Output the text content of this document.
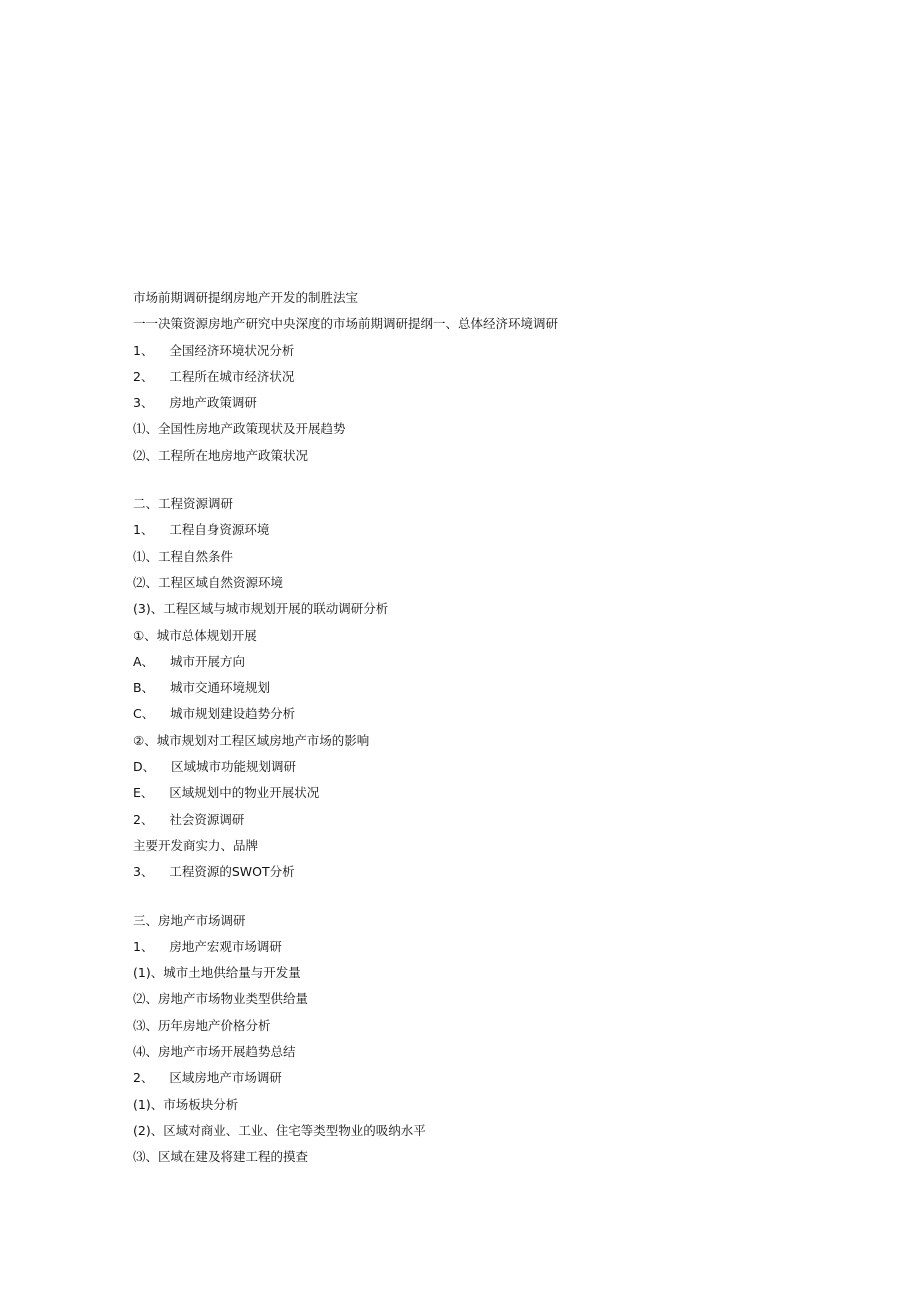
市场前期调研提纲房地产开发的制胜法宝
一一决策资源房地产研究中央深度的市场前期调研提纲一、总体经济环境调研
1、    全国经济环境状况分析
2、    工程所在城市经济状况
3、    房地产政策调研
⑴、全国性房地产政策现状及开展趋势
⑵、工程所在地房地产政策状况
二、工程资源调研
1、    工程自身资源环境
⑴、工程自然条件
⑵、工程区域自然资源环境
(3)、工程区域与城市规划开展的联动调研分析
①、城市总体规划开展
A、    城市开展方向
B、    城市交通环境规划
C、    城市规划建设趋势分析
②、城市规划对工程区域房地产市场的影响
D、    区域城市功能规划调研
E、    区域规划中的物业开展状况
2、    社会资源调研
主要开发商实力、品牌
3、    工程资源的SWOT分析
三、房地产市场调研
1、    房地产宏观市场调研
(1)、城市土地供给量与开发量
⑵、房地产市场物业类型供给量
⑶、历年房地产价格分析
⑷、房地产市场开展趋势总结
2、    区域房地产市场调研
(1)、市场板块分析
(2)、区域对商业、工业、住宅等类型物业的吸纳水平
⑶、区域在建及将建工程的摸查
